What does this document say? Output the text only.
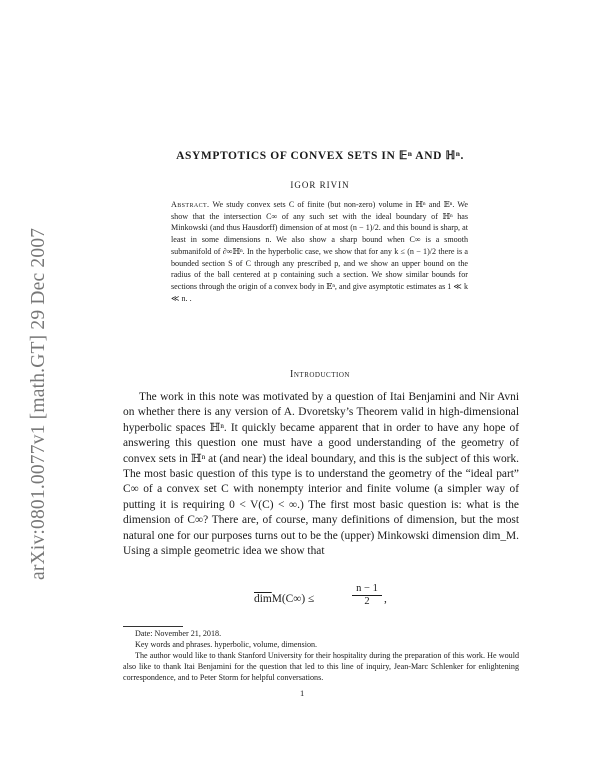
arXiv:0801.0077v1 [math.GT] 29 Dec 2007
ASYMPTOTICS OF CONVEX SETS IN 𝔼ⁿ AND ℍⁿ.
IGOR RIVIN

Abstract. We study convex sets C of finite (but non-zero) volume in ℍⁿ and 𝔼ⁿ. We show that the intersection C∞ of any such set with the ideal boundary of ℍⁿ has Minkowski (and thus Hausdorff) dimension of at most (n − 1)/2. and this bound is sharp, at least in some dimensions n. We also show a sharp bound when C∞ is a smooth submanifold of ∂∞ℍⁿ. In the hyperbolic case, we show that for any k ≤ (n − 1)/2 there is a bounded section S of C through any prescribed p, and we show an upper bound on the radius of the ball centered at p containing such a section. We show similar bounds for sections through the origin of a convex body in 𝔼ⁿ, and give asymptotic estimates as 1 ≪ k ≪ n. .

Introduction

The work in this note was motivated by a question of Itai Benjamini and Nir Avni on whether there is any version of A. Dvoretsky’s Theorem valid in high-dimensional hyperbolic spaces ℍⁿ. It quickly became apparent that in order to have any hope of answering this question one must have a good understanding of the geometry of convex sets in ℍⁿ at (and near) the ideal boundary, and this is the subject of this work. The most basic question of this type is to understand the geometry of the “ideal part” C∞ of a convex set C with nonempty interior and finite volume (a simpler way of putting it is requiring 0 < V(C) < ∞.) The first most basic question is: what is the dimension of C∞? There are, of course, many definitions of dimension, but the most natural one for our purposes turns out to be the (upper) Minkowski dimension dim_M. Using a simple geometric idea we show that

$\overline{dim}M(C\infty)$ ≤	$\frac{n - 1}{2}$ ,

Date: November 21, 2018.

Key words and phrases. hyperbolic, volume, dimension.

The author would like to thank Stanford University for their hospitality during the preparation of this work. He would also like to thank Itai Benjamini for the question that led to this line of inquiry, Jean-Marc Schlenker for enlightening correspondence, and to Peter Storm for helpful conversations.

1
